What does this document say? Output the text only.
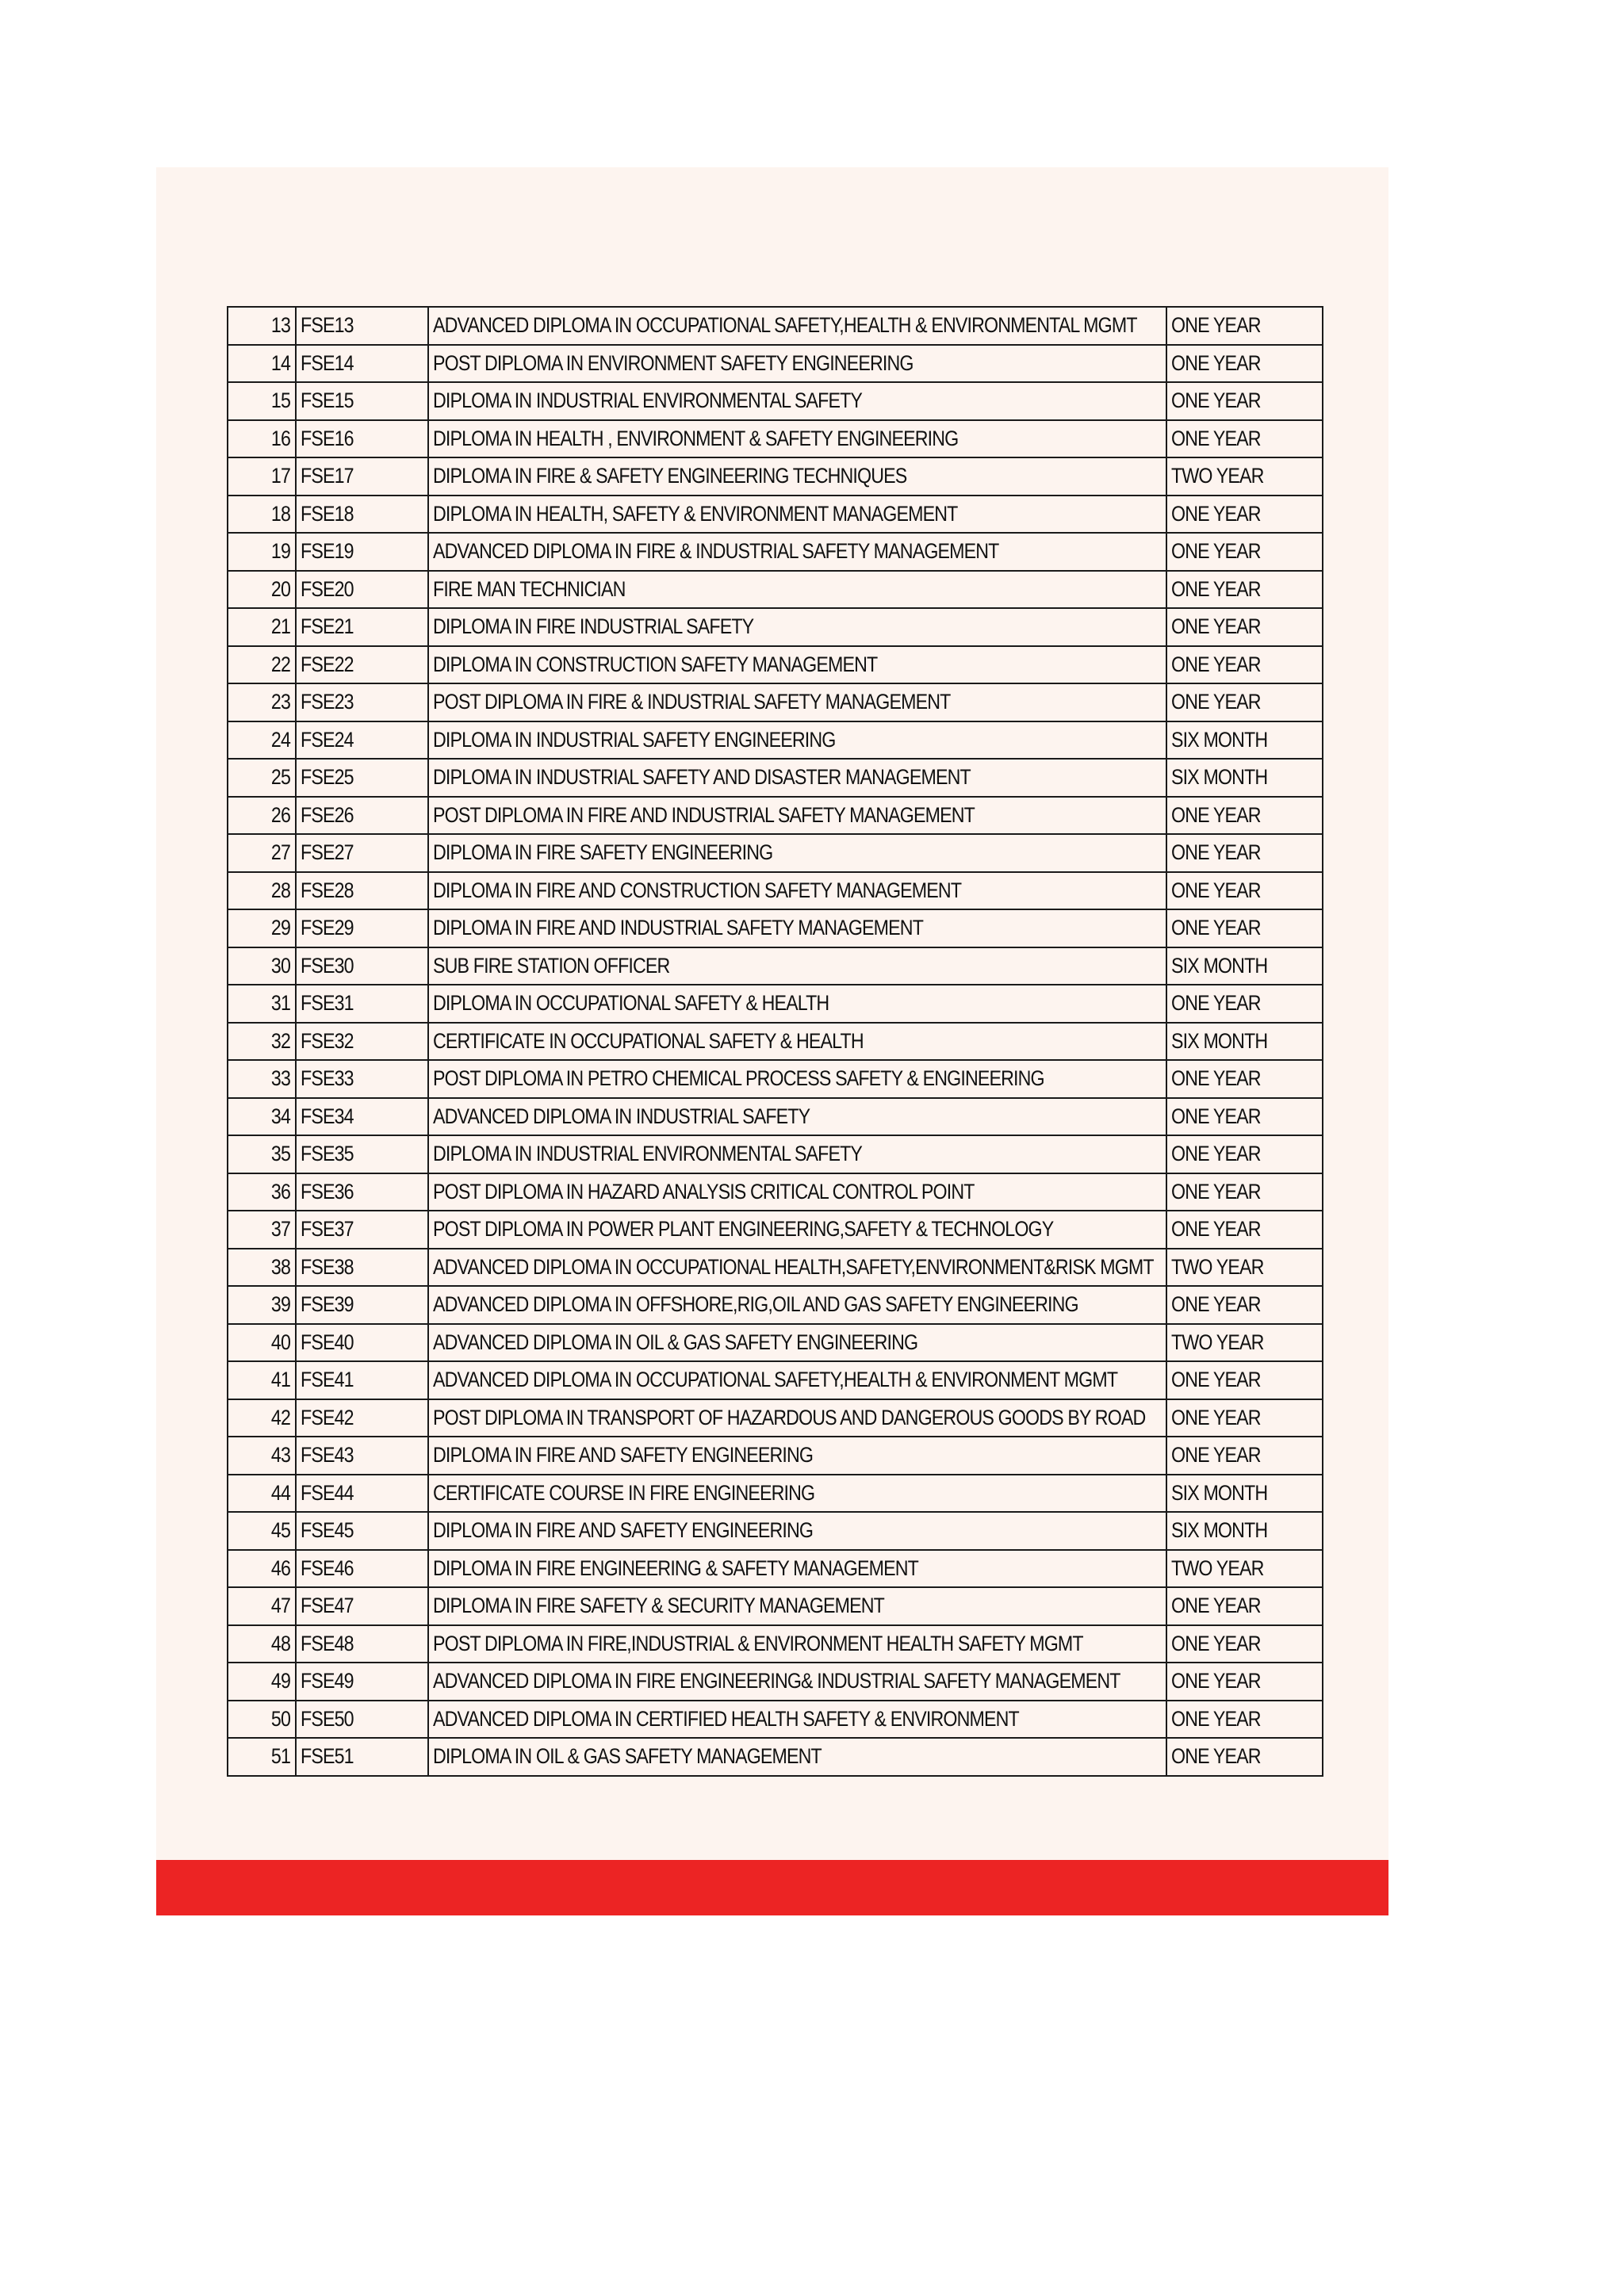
13	FSE13	ADVANCED DIPLOMA IN OCCUPATIONAL SAFETY,HEALTH & ENVIRONMENTAL MGMT	ONE YEAR
14	FSE14	POST DIPLOMA IN ENVIRONMENT SAFETY ENGINEERING	ONE YEAR
15	FSE15	DIPLOMA IN INDUSTRIAL ENVIRONMENTAL SAFETY	ONE YEAR
16	FSE16	DIPLOMA IN HEALTH , ENVIRONMENT & SAFETY ENGINEERING	ONE YEAR
17	FSE17	DIPLOMA IN FIRE & SAFETY ENGINEERING TECHNIQUES	TWO YEAR
18	FSE18	DIPLOMA IN HEALTH, SAFETY & ENVIRONMENT MANAGEMENT	ONE YEAR
19	FSE19	ADVANCED DIPLOMA IN FIRE & INDUSTRIAL SAFETY MANAGEMENT	ONE YEAR
20	FSE20	FIRE MAN TECHNICIAN	ONE YEAR
21	FSE21	DIPLOMA IN FIRE INDUSTRIAL SAFETY	ONE YEAR
22	FSE22	DIPLOMA IN CONSTRUCTION SAFETY MANAGEMENT	ONE YEAR
23	FSE23	POST DIPLOMA IN FIRE & INDUSTRIAL SAFETY MANAGEMENT	ONE YEAR
24	FSE24	DIPLOMA IN INDUSTRIAL SAFETY ENGINEERING	SIX MONTH
25	FSE25	DIPLOMA IN INDUSTRIAL SAFETY AND DISASTER MANAGEMENT	SIX MONTH
26	FSE26	POST DIPLOMA IN FIRE AND INDUSTRIAL SAFETY MANAGEMENT	ONE YEAR
27	FSE27	DIPLOMA IN FIRE SAFETY ENGINEERING	ONE YEAR
28	FSE28	DIPLOMA IN FIRE AND CONSTRUCTION SAFETY MANAGEMENT	ONE YEAR
29	FSE29	DIPLOMA IN FIRE AND INDUSTRIAL SAFETY MANAGEMENT	ONE YEAR
30	FSE30	SUB FIRE STATION OFFICER	SIX MONTH
31	FSE31	DIPLOMA IN OCCUPATIONAL SAFETY & HEALTH	ONE YEAR
32	FSE32	CERTIFICATE IN OCCUPATIONAL SAFETY & HEALTH	SIX MONTH
33	FSE33	POST DIPLOMA IN PETRO CHEMICAL PROCESS SAFETY & ENGINEERING	ONE YEAR
34	FSE34	ADVANCED DIPLOMA IN INDUSTRIAL SAFETY	ONE YEAR
35	FSE35	DIPLOMA IN INDUSTRIAL ENVIRONMENTAL SAFETY	ONE YEAR
36	FSE36	POST DIPLOMA IN HAZARD ANALYSIS CRITICAL CONTROL POINT	ONE YEAR
37	FSE37	POST DIPLOMA IN POWER PLANT ENGINEERING,SAFETY & TECHNOLOGY	ONE YEAR
38	FSE38	ADVANCED DIPLOMA IN OCCUPATIONAL HEALTH,SAFETY,ENVIRONMENT&RISK MGMT	TWO YEAR
39	FSE39	ADVANCED DIPLOMA IN OFFSHORE,RIG,OIL AND GAS SAFETY ENGINEERING	ONE YEAR
40	FSE40	ADVANCED DIPLOMA IN OIL & GAS SAFETY ENGINEERING	TWO YEAR
41	FSE41	ADVANCED DIPLOMA IN OCCUPATIONAL SAFETY,HEALTH & ENVIRONMENT MGMT	ONE YEAR
42	FSE42	POST DIPLOMA IN TRANSPORT OF HAZARDOUS AND DANGEROUS GOODS BY ROAD	ONE YEAR
43	FSE43	DIPLOMA IN FIRE AND SAFETY ENGINEERING	ONE YEAR
44	FSE44	CERTIFICATE COURSE IN FIRE ENGINEERING	SIX MONTH
45	FSE45	DIPLOMA IN FIRE AND SAFETY ENGINEERING	SIX MONTH
46	FSE46	DIPLOMA IN FIRE ENGINEERING & SAFETY MANAGEMENT	TWO YEAR
47	FSE47	DIPLOMA IN FIRE SAFETY & SECURITY MANAGEMENT	ONE YEAR
48	FSE48	POST DIPLOMA IN FIRE,INDUSTRIAL & ENVIRONMENT HEALTH SAFETY MGMT	ONE YEAR
49	FSE49	ADVANCED DIPLOMA IN FIRE ENGINEERING& INDUSTRIAL SAFETY MANAGEMENT	ONE YEAR
50	FSE50	ADVANCED DIPLOMA IN CERTIFIED HEALTH SAFETY & ENVIRONMENT	ONE YEAR
51	FSE51	DIPLOMA IN OIL & GAS SAFETY MANAGEMENT	ONE YEAR
